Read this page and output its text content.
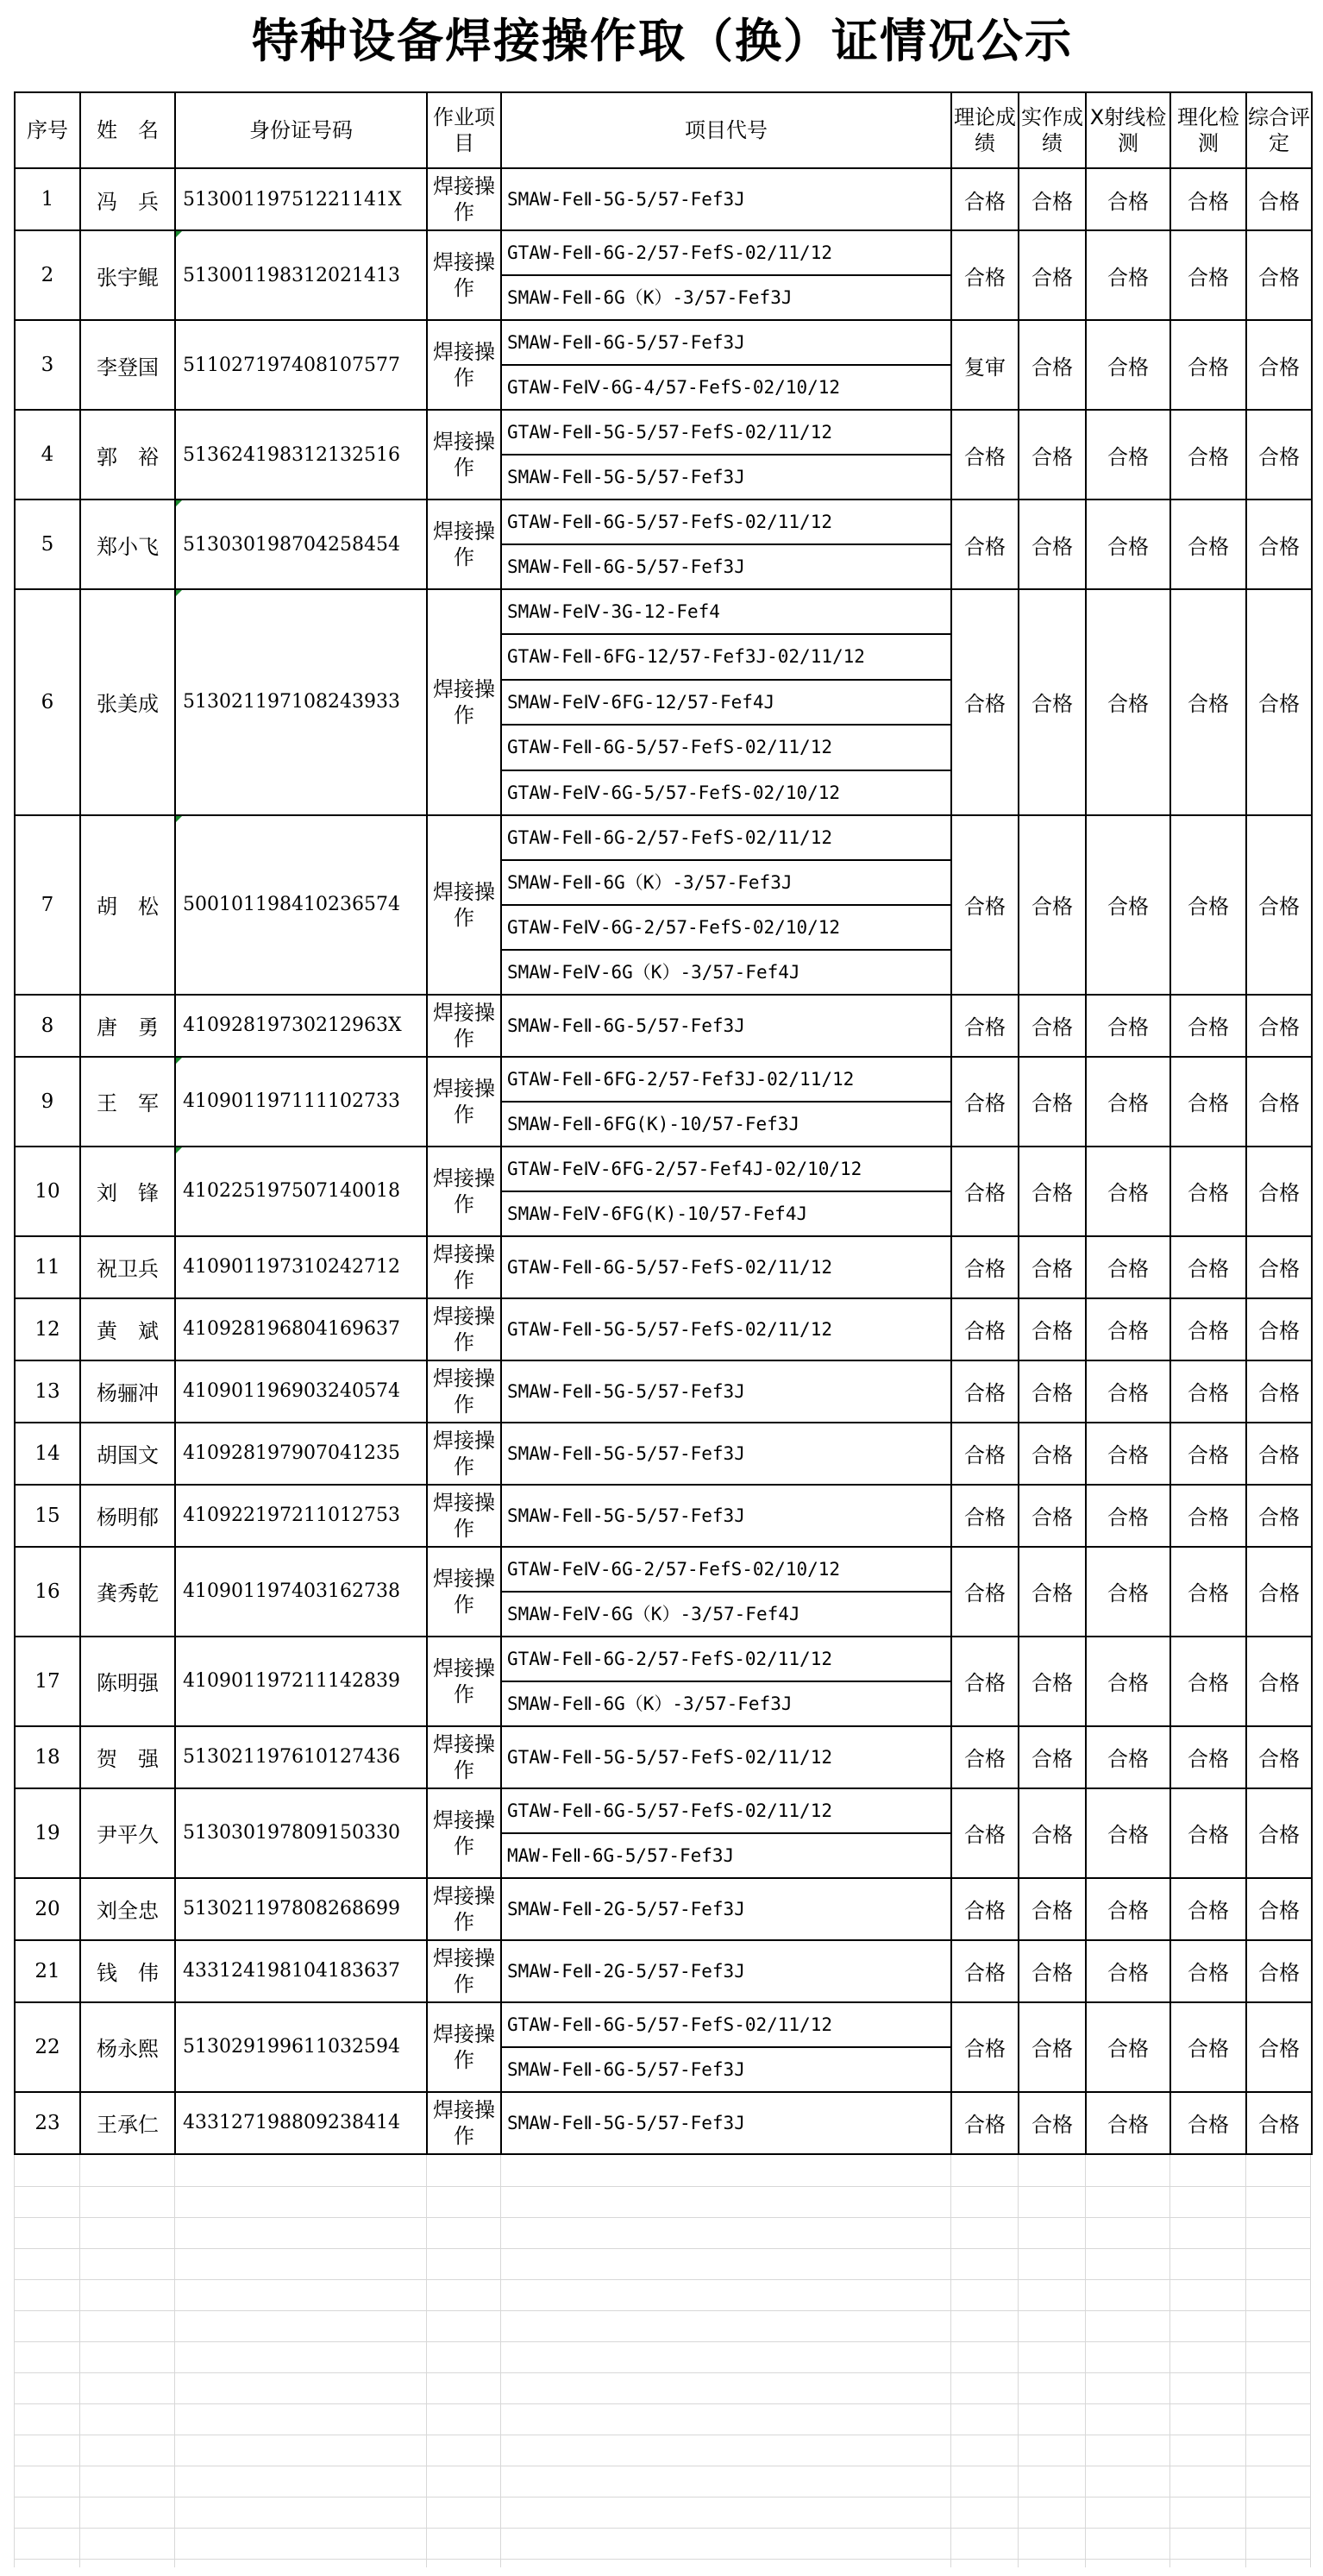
特种设备焊接操作取（换）证情况公示
序号	姓　名	身份证号码	作业项目	项目代号	理论成绩	实作成绩	X射线检测	理化检测	综合评定
1	冯　兵	51300119751221141X	焊接操作	SMAW-FeⅡ-5G-5/57-Fef3J	合格	合格	合格	合格	合格
2	张宇鲲	513001198312021413	焊接操作	GTAW-FeⅡ-6G-2/57-FefS-02/11/12
SMAW-FeⅡ-6G（K）-3/57-Fef3J	合格	合格	合格	合格	合格
3	李登国	511027197408107577	焊接操作	SMAW-FeⅡ-6G-5/57-Fef3J
GTAW-FeⅣ-6G-4/57-FefS-02/10/12	复审	合格	合格	合格	合格
4	郭　裕	513624198312132516	焊接操作	GTAW-FeⅡ-5G-5/57-FefS-02/11/12
SMAW-FeⅡ-5G-5/57-Fef3J	合格	合格	合格	合格	合格
5	郑小飞	513030198704258454	焊接操作	GTAW-FeⅡ-6G-5/57-FefS-02/11/12
SMAW-FeⅡ-6G-5/57-Fef3J	合格	合格	合格	合格	合格
6	张美成	513021197108243933	焊接操作	SMAW-FeⅣ-3G-12-Fef4
GTAW-FeⅡ-6FG-12/57-Fef3J-02/11/12
SMAW-FeⅣ-6FG-12/57-Fef4J
GTAW-FeⅡ-6G-5/57-FefS-02/11/12
GTAW-FeⅣ-6G-5/57-FefS-02/10/12	合格	合格	合格	合格	合格
7	胡　松	500101198410236574	焊接操作	GTAW-FeⅡ-6G-2/57-FefS-02/11/12
SMAW-FeⅡ-6G（K）-3/57-Fef3J
GTAW-FeⅣ-6G-2/57-FefS-02/10/12
SMAW-FeⅣ-6G（K）-3/57-Fef4J	合格	合格	合格	合格	合格
8	唐　勇	41092819730212963X	焊接操作	SMAW-FeⅡ-6G-5/57-Fef3J	合格	合格	合格	合格	合格
9	王　军	410901197111102733	焊接操作	GTAW-FeⅡ-6FG-2/57-Fef3J-02/11/12
SMAW-FeⅡ-6FG(K)-10/57-Fef3J	合格	合格	合格	合格	合格
10	刘　锋	410225197507140018	焊接操作	GTAW-FeⅣ-6FG-2/57-Fef4J-02/10/12
SMAW-FeⅣ-6FG(K)-10/57-Fef4J	合格	合格	合格	合格	合格
11	祝卫兵	410901197310242712	焊接操作	GTAW-FeⅡ-6G-5/57-FefS-02/11/12	合格	合格	合格	合格	合格
12	黄　斌	410928196804169637	焊接操作	GTAW-FeⅡ-5G-5/57-FefS-02/11/12	合格	合格	合格	合格	合格
13	杨骊冲	410901196903240574	焊接操作	SMAW-FeⅡ-5G-5/57-Fef3J	合格	合格	合格	合格	合格
14	胡国文	410928197907041235	焊接操作	SMAW-FeⅡ-5G-5/57-Fef3J	合格	合格	合格	合格	合格
15	杨明郁	410922197211012753	焊接操作	SMAW-FeⅡ-5G-5/57-Fef3J	合格	合格	合格	合格	合格
16	龚秀乾	410901197403162738	焊接操作	GTAW-FeⅣ-6G-2/57-FefS-02/10/12
SMAW-FeⅣ-6G（K）-3/57-Fef4J	合格	合格	合格	合格	合格
17	陈明强	410901197211142839	焊接操作	GTAW-FeⅡ-6G-2/57-FefS-02/11/12
SMAW-FeⅡ-6G（K）-3/57-Fef3J	合格	合格	合格	合格	合格
18	贺　强	513021197610127436	焊接操作	GTAW-FeⅡ-5G-5/57-FefS-02/11/12	合格	合格	合格	合格	合格
19	尹平久	513030197809150330	焊接操作	GTAW-FeⅡ-6G-5/57-FefS-02/11/12
MAW-FeⅡ-6G-5/57-Fef3J	合格	合格	合格	合格	合格
20	刘全忠	513021197808268699	焊接操作	SMAW-FeⅡ-2G-5/57-Fef3J	合格	合格	合格	合格	合格
21	钱　伟	433124198104183637	焊接操作	SMAW-FeⅡ-2G-5/57-Fef3J	合格	合格	合格	合格	合格
22	杨永熙	513029199611032594	焊接操作	GTAW-FeⅡ-6G-5/57-FefS-02/11/12
SMAW-FeⅡ-6G-5/57-Fef3J	合格	合格	合格	合格	合格
23	王承仁	433127198809238414	焊接操作	SMAW-FeⅡ-5G-5/57-Fef3J	合格	合格	合格	合格	合格
